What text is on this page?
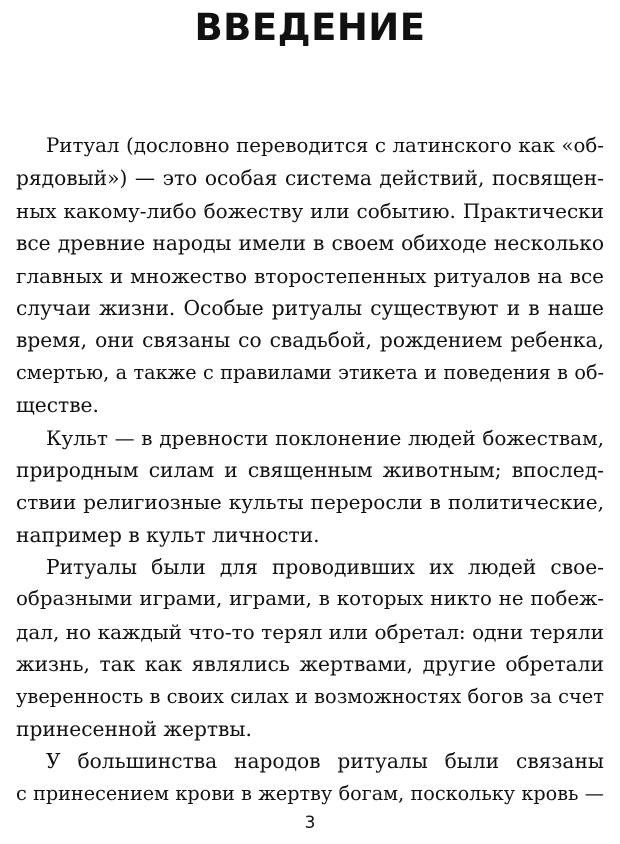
ВВЕДЕНИЕ
Ритуал (дословно переводится с латинского как «об-
рядовый») — это особая система действий, посвящен-
ных какому-либо божеству или событию. Практически
все древние народы имели в своем обиходе несколько
главных и множество второстепенных ритуалов на все
случаи жизни. Особые ритуалы существуют и в наше
время, они связаны со свадьбой, рождением ребенка,
смертью, а также с правилами этикета и поведения в об-
ществе.
Культ — в древности поклонение людей божествам,
природным силам и священным животным; впослед-
ствии религиозные культы переросли в политические,
например в культ личности.
Ритуалы были для проводивших их людей свое-
образными играми, играми, в которых никто не побеж-
дал, но каждый что-то терял или обретал: одни теряли
жизнь, так как являлись жертвами, другие обретали
уверенность в своих силах и возможностях богов за счет
принесенной жертвы.
У большинства народов ритуалы были связаны
с принесением крови в жертву богам, поскольку кровь —
3
